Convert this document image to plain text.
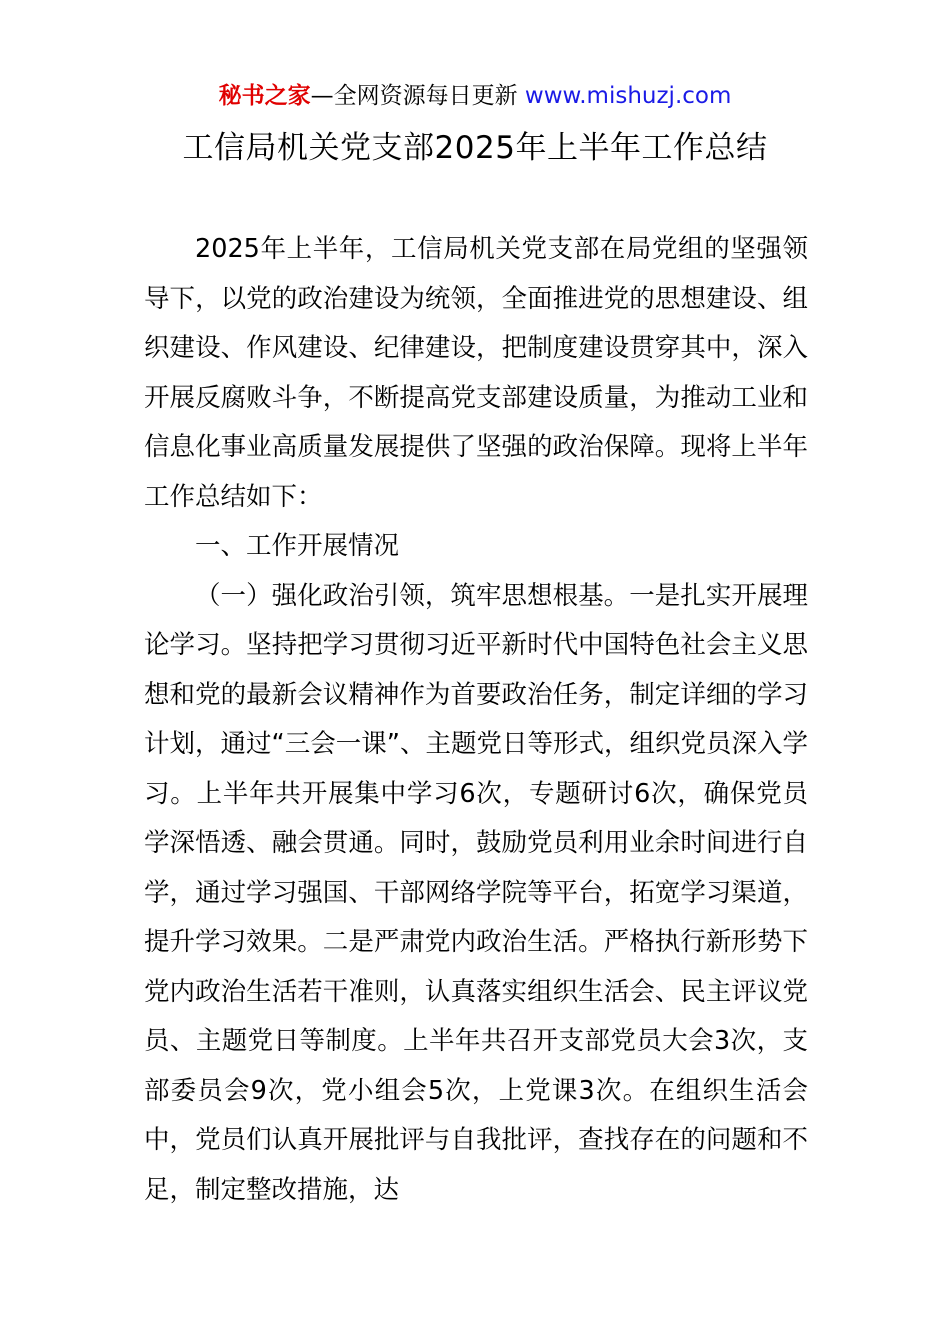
秘书之家—全网资源每日更新 www.mishuzj.com
工信局机关党支部2025年上半年工作总结

2025年上半年，工信局机关党支部在局党组的坚强领导下，以党的政治建设为统领，全面推进党的思想建设、组织建设、作风建设、纪律建设，把制度建设贯穿其中，深入开展反腐败斗争，不断提高党支部建设质量，为推动工业和信息化事业高质量发展提供了坚强的政治保障。现将上半年工作总结如下：

一、工作开展情况

（一）强化政治引领，筑牢思想根基。一是扎实开展理论学习。坚持把学习贯彻习近平新时代中国特色社会主义思想和党的最新会议精神作为首要政治任务，制定详细的学习计划，通过“三会一课”、主题党日等形式，组织党员深入学习。上半年共开展集中学习6次，专题研讨6次，确保党员学深悟透、融会贯通。同时，鼓励党员利用业余时间进行自学，通过学习强国、干部网络学院等平台，拓宽学习渠道，提升学习效果。二是严肃党内政治生活。严格执行新形势下党内政治生活若干准则，认真落实组织生活会、民主评议党员、主题党日等制度。上半年共召开支部党员大会3次，支部委员会9次，党小组会5次，上党课3次。在组织生活会中，党员们认真开展批评与自我批评，查找存在的问题和不足，制定整改措施，达
